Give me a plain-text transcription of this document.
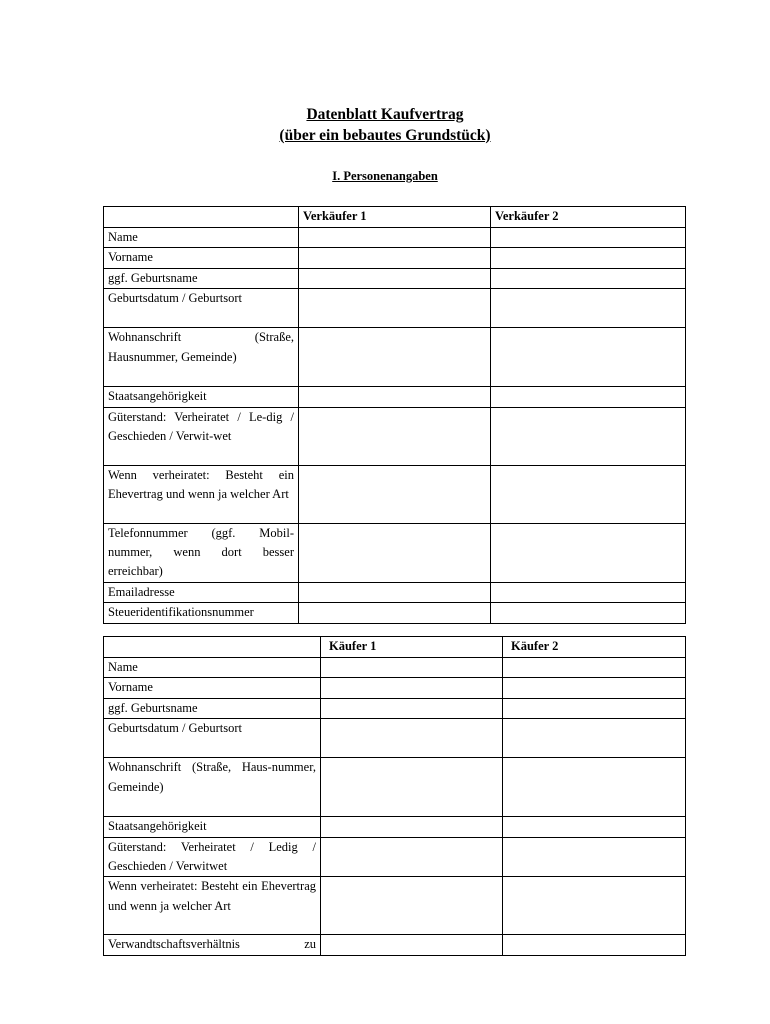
Datenblatt Kaufvertrag
(über ein bebautes Grundstück)
I. Personenangaben
	Verkäufer 1	Verkäufer 2
Name		
Vorname		
ggf. Geburtsname		
Geburtsdatum / Geburtsort		
Wohnanschrift (Straße, Hausnummer, Gemeinde)		
Staatsangehörigkeit		
Güterstand: Verheiratet / Le-dig / Geschieden / Verwit-wet		
Wenn verheiratet: Besteht ein Ehevertrag und wenn ja welcher Art		
Telefonnummer (ggf. Mobil-nummer, wenn dort besser erreichbar)		
Emailadresse		
Steueridentifikationsnummer		
	Käufer 1	Käufer 2
Name		
Vorname		
ggf. Geburtsname		
Geburtsdatum / Geburtsort		
Wohnanschrift (Straße, Haus-nummer, Gemeinde)		
Staatsangehörigkeit		
Güterstand: Verheiratet / Ledig / Geschieden / Verwitwet		
Wenn verheiratet: Besteht ein Ehevertrag und wenn ja welcher Art		
Verwandtschaftsverhältnis zu		
